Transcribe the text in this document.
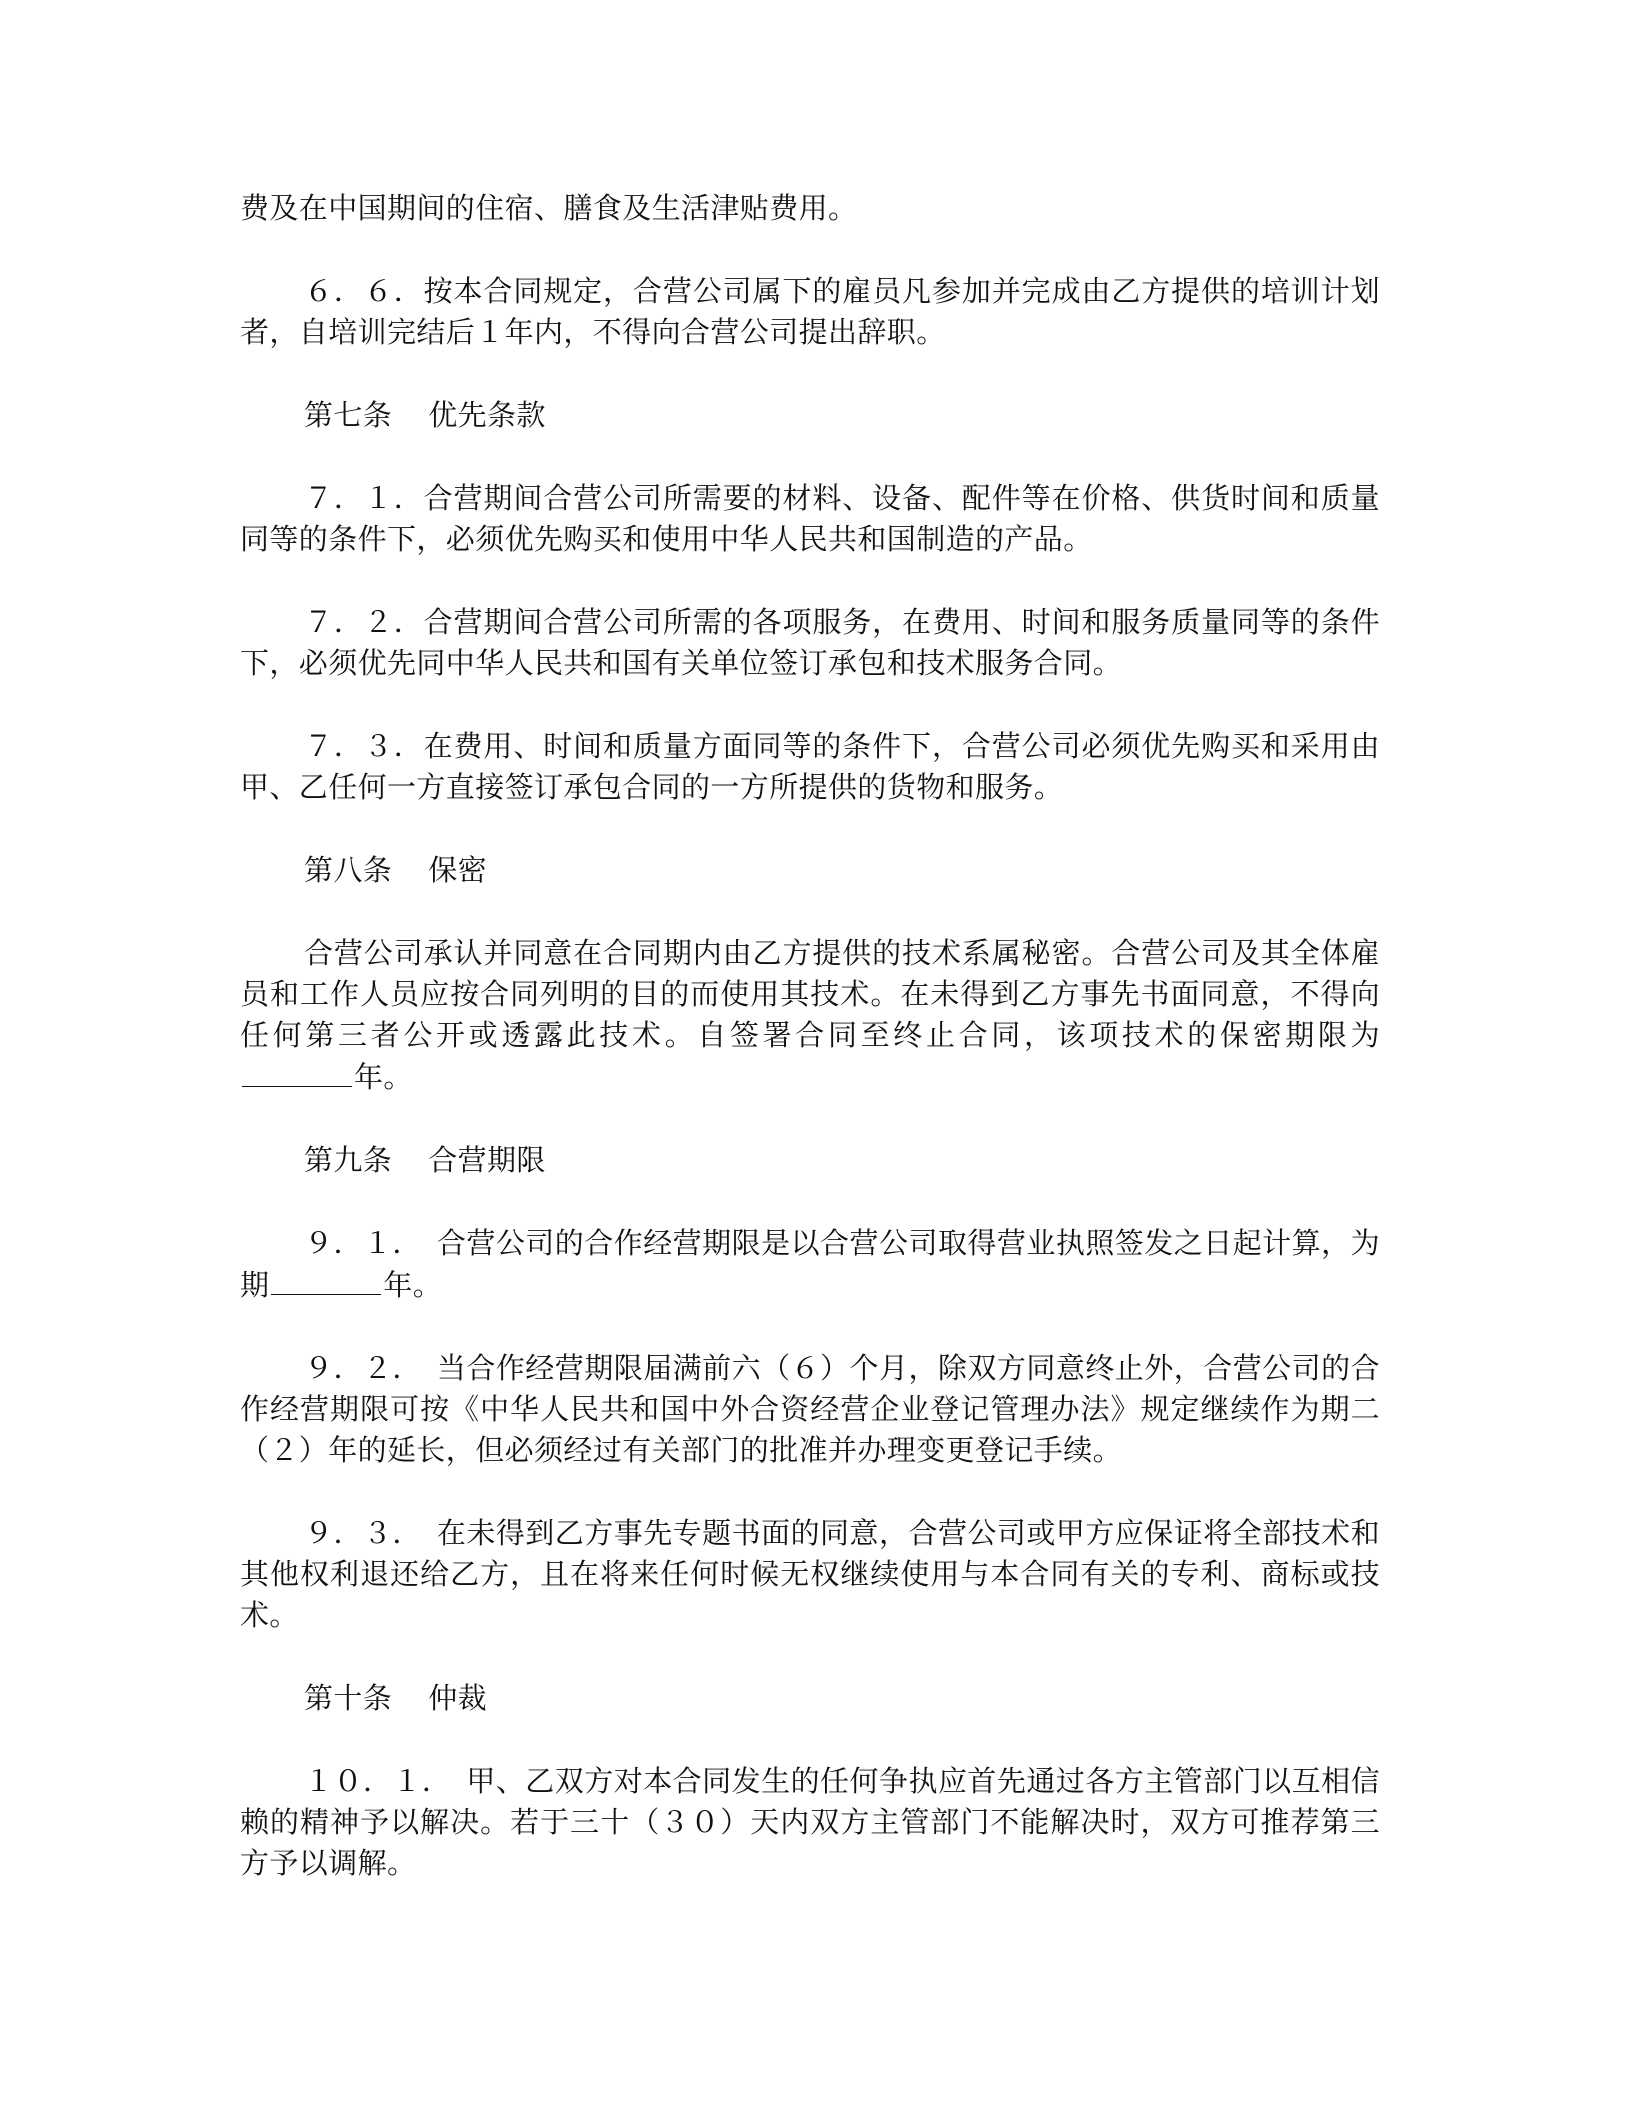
费及在中国期间的住宿、膳食及生活津贴费用。

６．６．按本合同规定，合营公司属下的雇员凡参加并完成由乙方提供的培训计划者，自培训完结后１年内，不得向合营公司提出辞职。

第七条 优先条款

７．１．合营期间合营公司所需要的材料、设备、配件等在价格、供货时间和质量同等的条件下，必须优先购买和使用中华人民共和国制造的产品。

７．２．合营期间合营公司所需的各项服务，在费用、时间和服务质量同等的条件下，必须优先同中华人民共和国有关单位签订承包和技术服务合同。

７．３．在费用、时间和质量方面同等的条件下，合营公司必须优先购买和采用由甲、乙任何一方直接签订承包合同的一方所提供的货物和服务。

第八条 保密

合营公司承认并同意在合同期内由乙方提供的技术系属秘密。合营公司及其全体雇员和工作人员应按合同列明的目的而使用其技术。在未得到乙方事先书面同意，不得向任何第三者公开或透露此技术。自签署合同至终止合同，该项技术的保密期限为年。

第九条 合营期限

９．１．　合营公司的合作经营期限是以合营公司取得营业执照签发之日起计算，为期	年。

９．２．　当合作经营期限届满前六（６）个月，除双方同意终止外，合营公司的合作经营期限可按《中华人民共和国中外合资经营企业登记管理办法》规定继续作为期二（２）年的延长，但必须经过有关部门的批准并办理变更登记手续。

９．３．　在未得到乙方事先专题书面的同意，合营公司或甲方应保证将全部技术和其他权利退还给乙方，且在将来任何时候无权继续使用与本合同有关的专利、商标或技术。

第十条 仲裁

１０．１．　甲、乙双方对本合同发生的任何争执应首先通过各方主管部门以互相信赖的精神予以解决。若于三十（３０）天内双方主管部门不能解决时，双方可推荐第三方予以调解。
